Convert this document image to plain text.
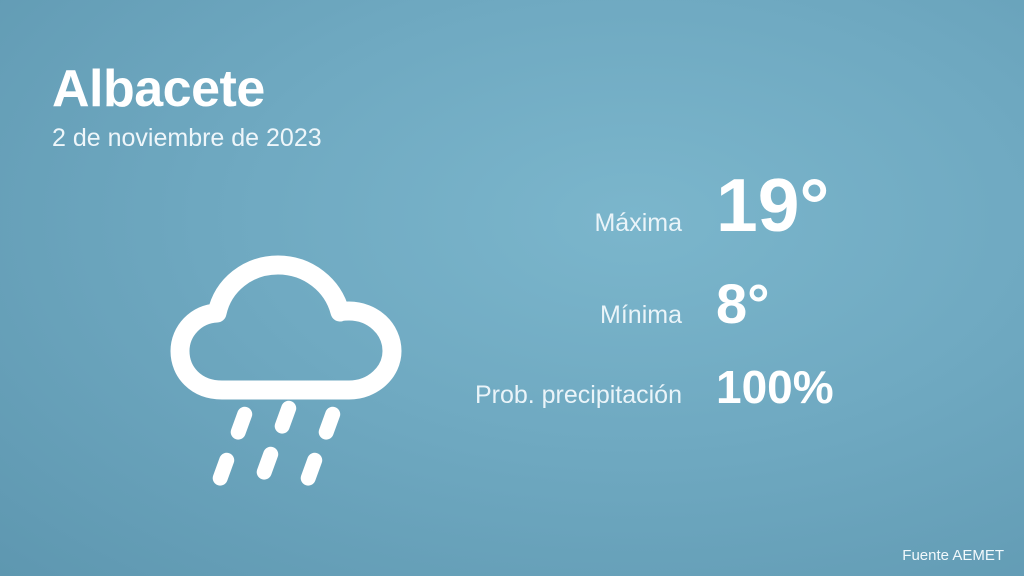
Albacete

2 de noviembre de 2023

Máxima 19°
Mínima 8°
Prob. precipitación 100%
Fuente AEMET
